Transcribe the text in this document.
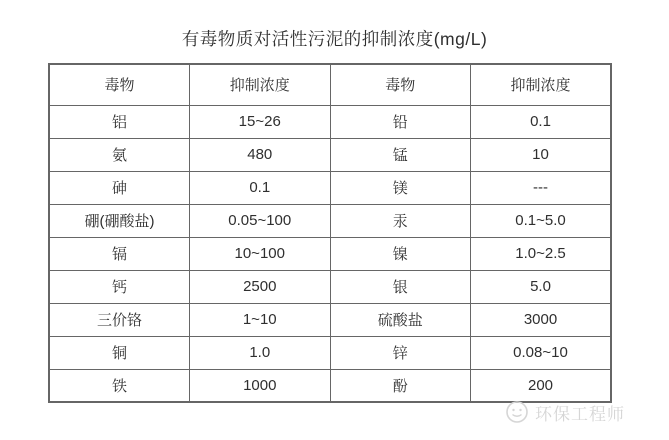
有毒物质对活性污泥的抑制浓度(mg/L)
毒物	抑制浓度	毒物	抑制浓度
铝	15~26	铅	0.1
氨	480	锰	10
砷	0.1	镁	---
硼(硼酸盐)	0.05~100	汞	0.1~5.0
镉	10~100	镍	1.0~2.5
钙	2500	银	5.0
三价铬	1~10	硫酸盐	3000
铜	1.0	锌	0.08~10
铁	1000	酚	200
环保工程师
